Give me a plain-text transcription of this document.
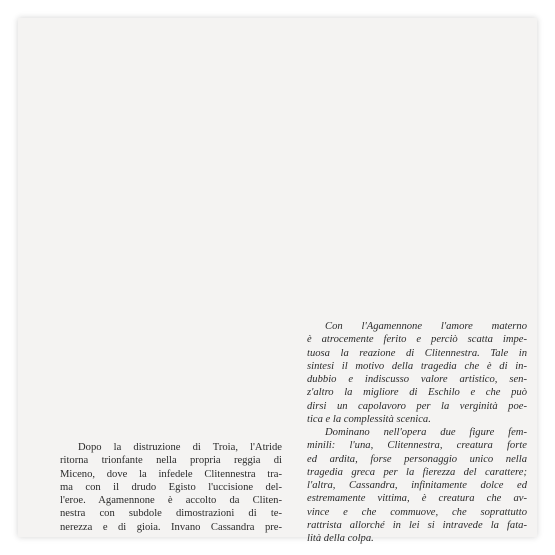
Dopo la distruzione di Troia, l'Atride
ritorna trionfante nella propria reggia di
Miceno, dove la infedele Clitennestra tra-
ma con il drudo Egisto l'uccisione del-
l'eroe. Agamennone è accolto da Cliten-
nestra con subdole dimostrazioni di te-
nerezza e di gioia. Invano Cassandra pre-
Con l'Agamennone l'amore materno
è atrocemente ferito e perciò scatta impe-
tuosa la reazione di Clitennestra. Tale in
sintesi il motivo della tragedia che è di in-
dubbio e indiscusso valore artistico, sen-
z'altro la migliore di Eschilo e che può
dirsi un capolavoro per la verginità poe-
tica e la complessità scenica.
Dominano nell'opera due figure fem-
minili: l'una, Clitennestra, creatura forte
ed ardita, forse personaggio unico nella
tragedia greca per la fierezza del carattere;
l'altra, Cassandra, infinitamente dolce ed
estremamente vittima, è creatura che av-
vince e che commuove, che soprattutto
rattrista allorché in lei si intravede la fata-
lità della colpa.
